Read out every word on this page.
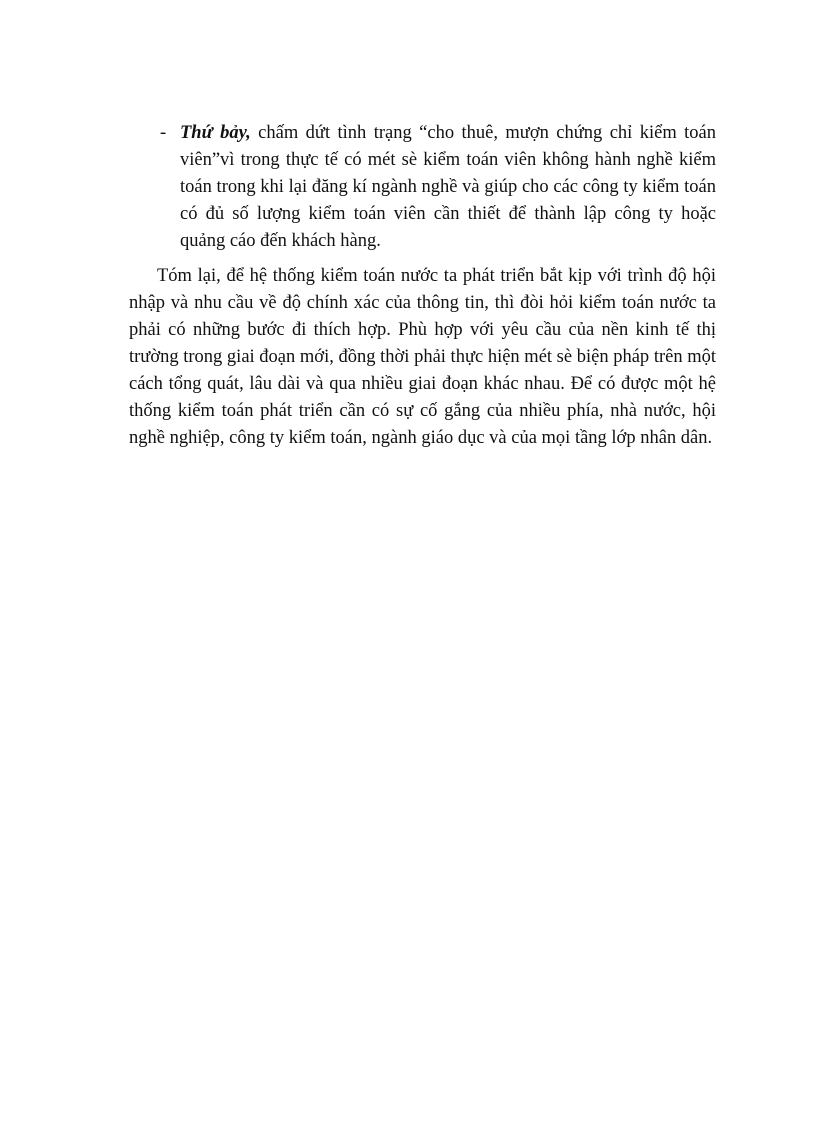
- Thứ bảy, chấm dứt tình trạng “cho thuê, mượn chứng chỉ kiểm toán viên”vì trong thực tế có mét sè kiểm toán viên không hành nghề kiểm toán trong khi lại đăng kí ngành nghề và giúp cho các công ty kiểm toán có đủ số lượng kiểm toán viên cần thiết để thành lập công ty hoặc quảng cáo đến khách hàng.

Tóm lại, để hệ thống kiểm toán nước ta phát triển bắt kịp với trình độ hội nhập và nhu cầu về độ chính xác của thông tin, thì đòi hỏi kiểm toán nước ta phải có những bước đi thích hợp. Phù hợp với yêu cầu của nền kinh tế thị trường trong giai đoạn mới, đồng thời phải thực hiện mét sè biện pháp trên một cách tổng quát, lâu dài và qua nhiều giai đoạn khác nhau. Để có được một hệ thống kiểm toán phát triển cần có sự cố gắng của nhiều phía, nhà nước, hội nghề nghiệp, công ty kiểm toán, ngành giáo dục và của mọi tầng lớp nhân dân.
